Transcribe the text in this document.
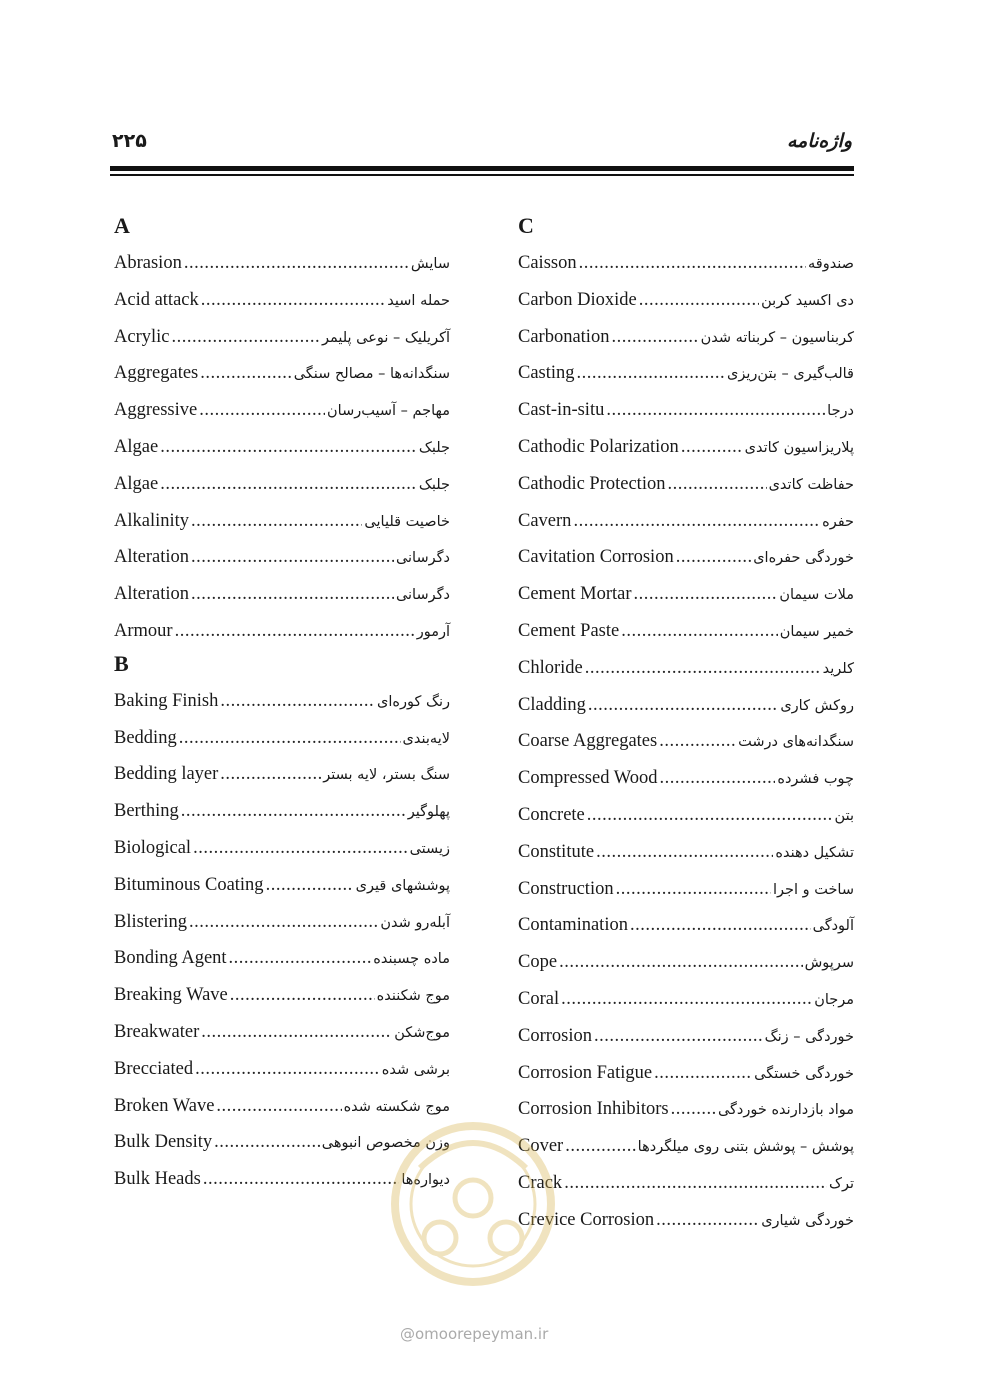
۲۲۵	واژه‌نامه
A
Abrasion .....	سایش
Acid attack .....	حمله اسید
Acrylic .....	آکریلیک – نوعی پلیمر
Aggregates .....	سنگدانه‌ها – مصالح سنگی
Aggressive .....	مهاجم – آسیب‌رسان
Algae .....	جلبک
Algae .....	جلبک
Alkalinity .....	خاصیت قلیایی
Alteration .....	دگرسانی
Alteration .....	دگرسانی
Armour .....	آرمور
B
Baking Finish .....	رنگ کوره‌ای
Bedding .....	لایه‌بندی
Bedding layer .....	سنگ بستر، لایه بستر
Berthing .....	پهلوگیر
Biological .....	زیستی
Bituminous Coating .....	پوششهای قیری
Blistering .....	آبله‌رو شدن
Bonding Agent .....	ماده چسبنده
Breaking Wave .....	موج شکننده
Breakwater .....	موج‌شکن
Brecciated .....	برشی شده
Broken Wave .....	موج شکسته شده
Bulk Density .....	وزن مخصوص انبوهی
Bulk Heads .....	دیواره‌ها
C
Caisson .....	صندوقه
Carbon Dioxide .....	دی اکسید کربن
Carbonation .....	کربناسیون – کربناته شدن
Casting .....	قالب‌گیری – بتن‌ریزی
Cast-in-situ .....	درجا
Cathodic Polarization .....	پلاریزاسیون کاتدی
Cathodic Protection .....	حفاظت کاتدی
Cavern .....	حفره
Cavitation Corrosion .....	خوردگی حفره‌ای
Cement Mortar .....	ملات سیمان
Cement Paste .....	خمیر سیمان
Chloride .....	کلرید
Cladding .....	روکش کاری
Coarse Aggregates .....	سنگدانه‌های درشت
Compressed Wood .....	چوب فشرده
Concrete .....	بتن
Constitute .....	تشکیل دهنده
Construction .....	ساخت و اجرا
Contamination .....	آلودگی
Cope .....	سرپوش
Coral .....	مرجان
Corrosion .....	خوردگی – زنگ
Corrosion Fatigue .....	خوردگی خستگی
Corrosion Inhibitors .....	مواد بازدارنده خوردگی
Cover .....	پوشش – پوشش بتنی روی میلگردها
Crack .....	ترک
Crevice Corrosion .....	خوردگی شیاری
@omoorepeyman.ir
